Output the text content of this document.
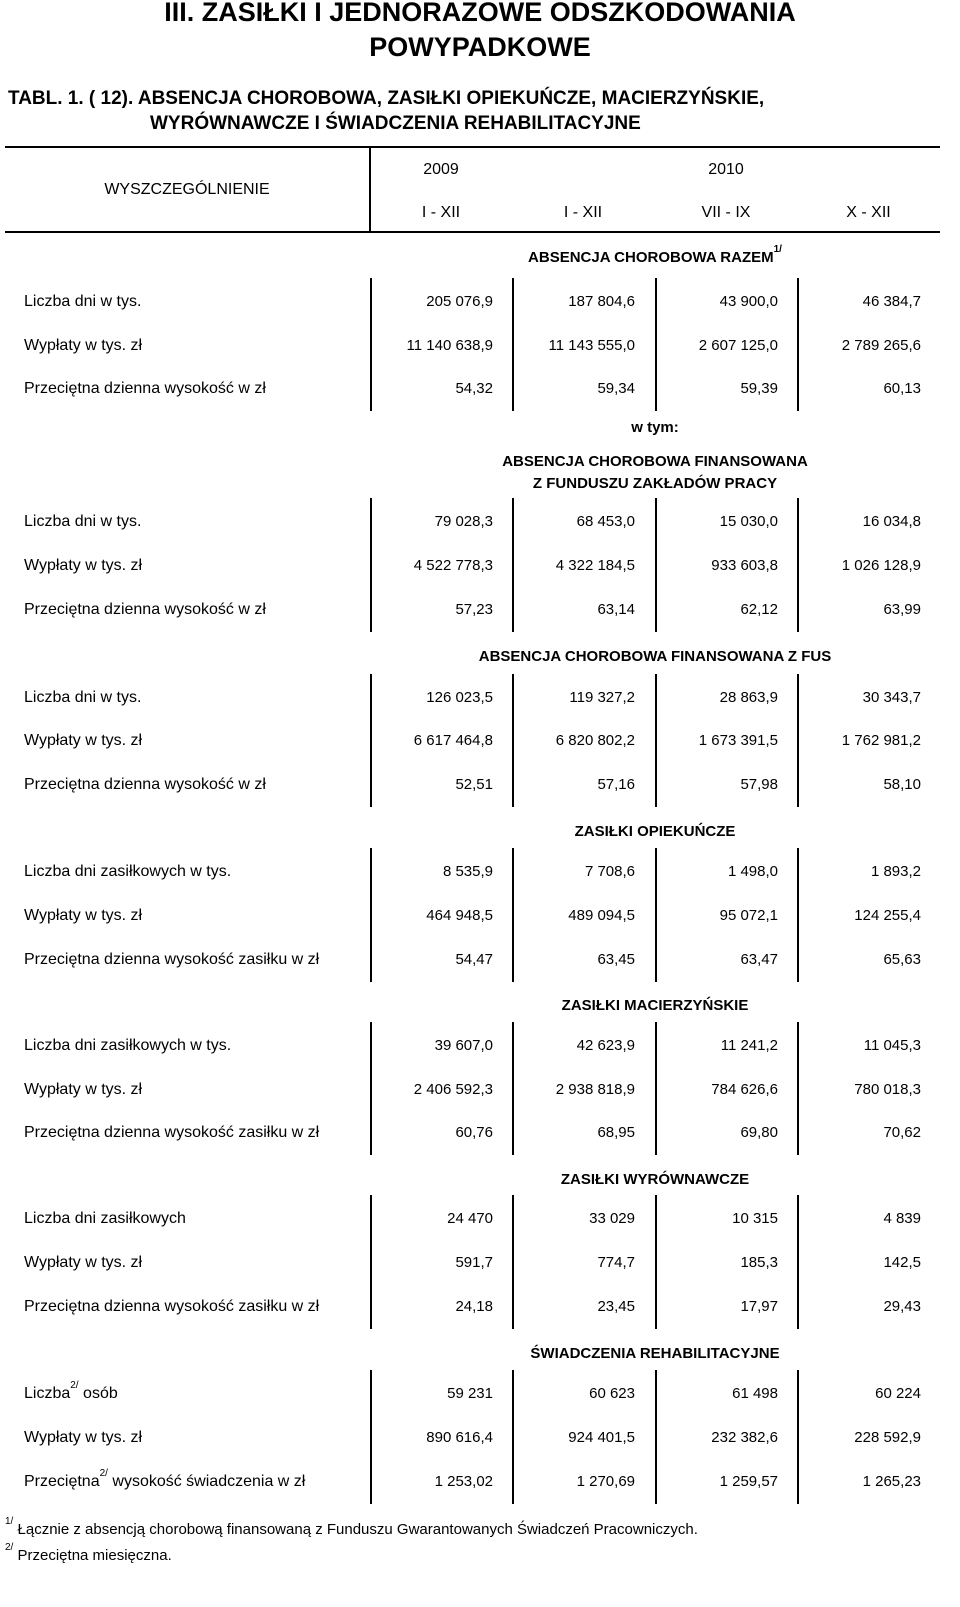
III. ZASIŁKI I JEDNORAZOWE ODSZKODOWANIA
POWYPADKOWE
TABL. 1. ( 12). ABSENCJA CHOROBOWA, ZASIŁKI OPIEKUŃCZE, MACIERZYŃSKIE,
WYRÓWNAWCZE I ŚWIADCZENIA REHABILITACYJNE
WYSZCZEGÓLNIENIE
2009	2010
I - XII	I - XII	VII - IX	X - XII
ABSENCJA CHOROBOWA $RAZEM^{1/}$
Liczba dni w tys.	205 076,9	187 804,6	43 900,0	46 384,7
Wypłaty w tys. zł	11 140 638,9	11 143 555,0	2 607 125,0	2 789 265,6
Przeciętna dzienna wysokość w zł	54,32	59,34	59,39	60,13
w tym:
ABSENCJA CHOROBOWA FINANSOWANA
Z FUNDUSZU ZAKŁADÓW PRACY
Liczba dni w tys.	79 028,3	68 453,0	15 030,0	16 034,8
Wypłaty w tys. zł	4 522 778,3	4 322 184,5	933 603,8	1 026 128,9
Przeciętna dzienna wysokość w zł	57,23	63,14	62,12	63,99
ABSENCJA CHOROBOWA FINANSOWANA Z FUS
Liczba dni w tys.	126 023,5	119 327,2	28 863,9	30 343,7
Wypłaty w tys. zł	6 617 464,8	6 820 802,2	1 673 391,5	1 762 981,2
Przeciętna dzienna wysokość w zł	52,51	57,16	57,98	58,10
ZASIŁKI OPIEKUŃCZE
Liczba dni zasiłkowych w tys.	8 535,9	7 708,6	1 498,0	1 893,2
Wypłaty w tys. zł	464 948,5	489 094,5	95 072,1	124 255,4
Przeciętna dzienna wysokość zasiłku w zł	54,47	63,45	63,47	65,63
ZASIŁKI MACIERZYŃSKIE
Liczba dni zasiłkowych w tys.	39 607,0	42 623,9	11 241,2	11 045,3
Wypłaty w tys. zł	2 406 592,3	2 938 818,9	784 626,6	780 018,3
Przeciętna dzienna wysokość zasiłku w zł	60,76	68,95	69,80	70,62
ZASIŁKI WYRÓWNAWCZE
Liczba dni zasiłkowych	24 470	33 029	10 315	4 839
Wypłaty w tys. zł	591,7	774,7	185,3	142,5
Przeciętna dzienna wysokość zasiłku w zł	24,18	23,45	17,97	29,43
ŚWIADCZENIA REHABILITACYJNE
Liczba$^{2/}$ osób	59 231	60 623	61 498	60 224
Wypłaty w tys. zł	890 616,4	924 401,5	232 382,6	228 592,9
Przeciętna$^{2/}$ wysokość świadczenia w zł	1 253,02	1 270,69	1 259,57	1 265,23
$^{1/}$ Łącznie z absencją chorobową finansowaną z Funduszu Gwarantowanych Świadczeń Pracowniczych.
$^{2/}$ Przeciętna miesięczna.
